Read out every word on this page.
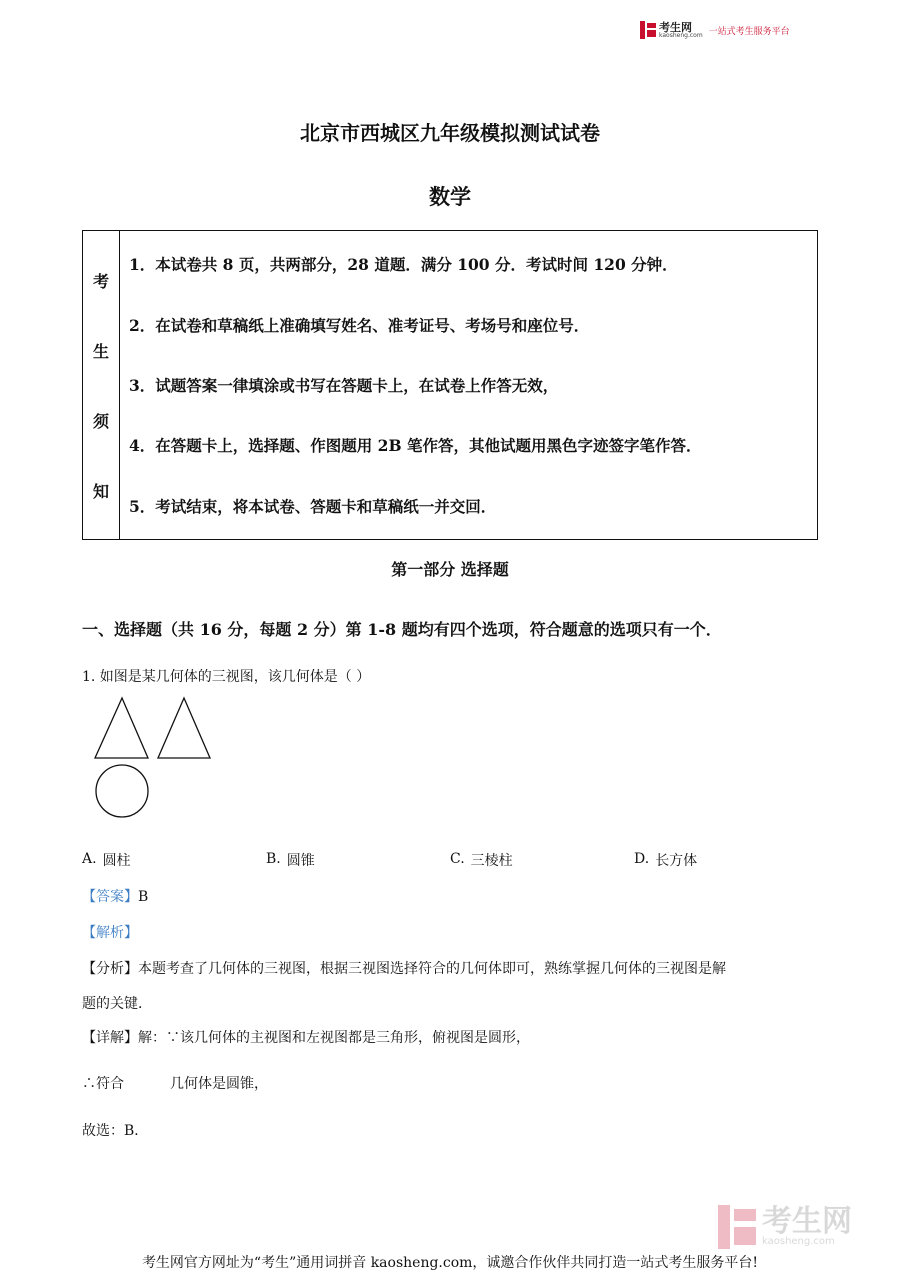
考生网
kaosheng.com 一站式考生服务平台
北京市西城区九年级模拟测试试卷
数学
考
生
须
知
1．本试卷共 8 页，共两部分，28 道题．满分 100 分．考试时间 120 分钟．
2．在试卷和草稿纸上准确填写姓名、准考证号、考场号和座位号．
3．试题答案一律填涂或书写在答题卡上，在试卷上作答无效，
4．在答题卡上，选择题、作图题用 2B 笔作答，其他试题用黑色字迹签字笔作答．
5．考试结束，将本试卷、答题卡和草稿纸一并交回．
第一部分 选择题
一、选择题（共 16 分，每题 2 分）第 1-8 题均有四个选项，符合题意的选项只有一个．
1. 如图是某几何体的三视图，该几何体是（ ）
A. 圆柱	B. 圆锥	C. 三棱柱	D. 长方体
【答案】B
【解析】
【分析】本题考查了几何体的三视图，根据三视图选择符合的几何体即可，熟练掌握几何体的三视图是解
题的关键．
【详解】解：∵该几何体的主视图和左视图都是三角形，俯视图是圆形，
∴符合	几何体是圆锥，
故选：B．
考生网
kaosheng.com
考生网官方网址为“考生”通用词拼音 kaosheng.com，诚邀合作伙伴共同打造一站式考生服务平台!
